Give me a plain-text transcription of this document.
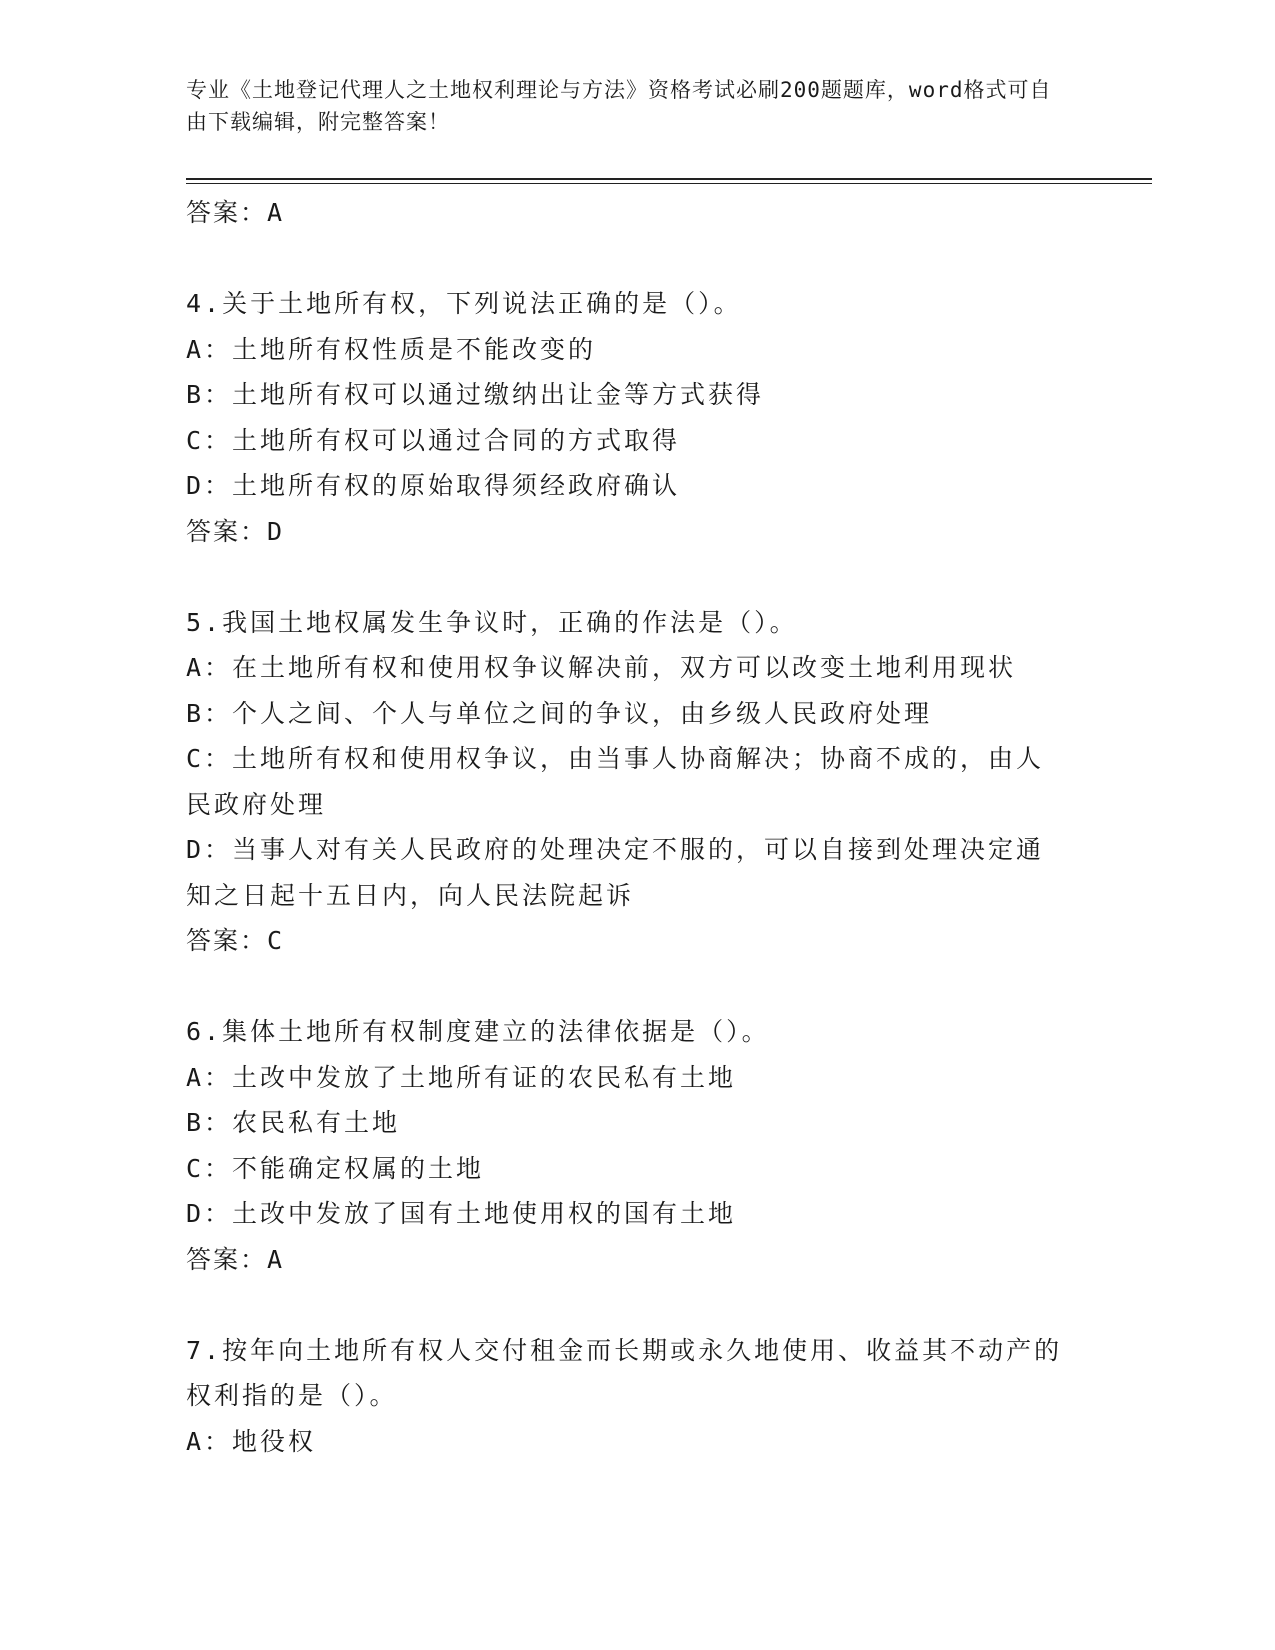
专业《土地登记代理人之土地权利理论与方法》资格考试必刷200题题库，word格式可自由下载编辑，附完整答案！
答案：A
4.关于土地所有权，下列说法正确的是（）。
A：土地所有权性质是不能改变的
B：土地所有权可以通过缴纳出让金等方式获得
C：土地所有权可以通过合同的方式取得
D：土地所有权的原始取得须经政府确认
答案：D
5.我国土地权属发生争议时，正确的作法是（）。
A：在土地所有权和使用权争议解决前，双方可以改变土地利用现状
B：个人之间、个人与单位之间的争议，由乡级人民政府处理
C：土地所有权和使用权争议，由当事人协商解决；协商不成的，由人民政府处理
D：当事人对有关人民政府的处理决定不服的，可以自接到处理决定通知之日起十五日内，向人民法院起诉
答案：C
6.集体土地所有权制度建立的法律依据是（）。
A：土改中发放了土地所有证的农民私有土地
B：农民私有土地
C：不能确定权属的土地
D：土改中发放了国有土地使用权的国有土地
答案：A
7.按年向土地所有权人交付租金而长期或永久地使用、收益其不动产的权利指的是（）。
A：地役权
